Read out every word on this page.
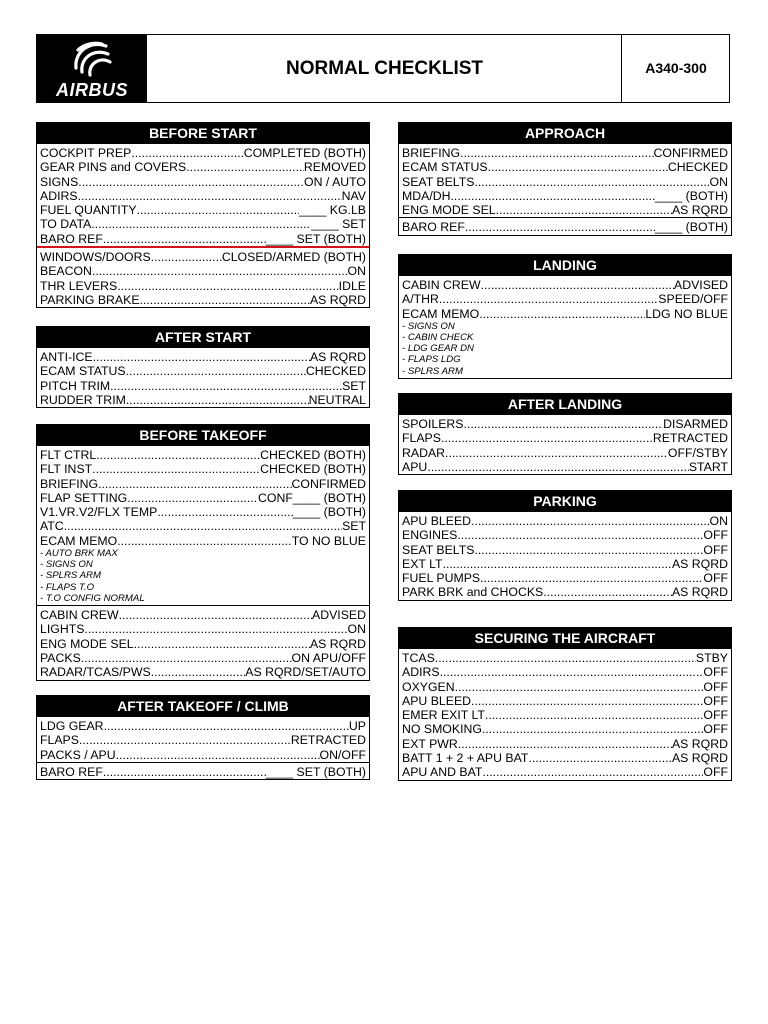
AIRBUS
NORMAL CHECKLIST	A340-300
BEFORE START
COCKPIT PREP .....	COMPLETED (BOTH)
GEAR PINS and COVERS .....	REMOVED
SIGNS .....	ON / AUTO
ADIRS .....	NAV
FUEL QUANTITY .....	____ KG.LB
TO DATA .....	____ SET
BARO REF .....	____ SET (BOTH)
WINDOWS/DOORS .....	CLOSED/ARMED (BOTH)
BEACON .....	ON
THR LEVERS .....	IDLE
PARKING BRAKE .....	AS RQRD
AFTER START
ANTI-ICE .....	AS RQRD
ECAM STATUS .....	CHECKED
PITCH TRIM .....	SET
RUDDER TRIM .....	NEUTRAL
BEFORE TAKEOFF
FLT CTRL .....	CHECKED (BOTH)
FLT INST .....	CHECKED (BOTH)
BRIEFING .....	CONFIRMED
FLAP SETTING .....	CONF____ (BOTH)
V1.VR.V2/FLX TEMP .....	____ (BOTH)
ATC .....	SET
ECAM MEMO .....	TO NO BLUE
- AUTO BRK MAX
- SIGNS ON
- SPLRS ARM
- FLAPS T.O
- T.O CONFIG NORMAL
CABIN CREW .....	ADVISED
LIGHTS .....	ON
ENG MODE SEL .....	AS RQRD
PACKS .....	ON APU/OFF
RADAR/TCAS/PWS .....	AS RQRD/SET/AUTO
AFTER TAKEOFF / CLIMB
LDG GEAR .....	UP
FLAPS .....	RETRACTED
PACKS / APU .....	ON/OFF
BARO REF .....	____ SET (BOTH)
APPROACH
BRIEFING .....	CONFIRMED
ECAM STATUS .....	CHECKED
SEAT BELTS .....	ON
MDA/DH .....	____ (BOTH)
ENG MODE SEL .....	AS RQRD
BARO REF .....	____ (BOTH)
LANDING
CABIN CREW .....	ADVISED
A/THR .....	SPEED/OFF
ECAM MEMO .....	LDG NO BLUE
- SIGNS ON
- CABIN CHECK
- LDG GEAR DN
- FLAPS LDG
- SPLRS ARM
AFTER LANDING
SPOILERS .....	DISARMED
FLAPS .....	RETRACTED
RADAR .....	OFF/STBY
APU .....	START
PARKING
APU BLEED .....	ON
ENGINES .....	OFF
SEAT BELTS .....	OFF
EXT LT .....	AS RQRD
FUEL PUMPS .....	OFF
PARK BRK and CHOCKS .....	AS RQRD
SECURING THE AIRCRAFT
TCAS .....	STBY
ADIRS .....	OFF
OXYGEN .....	OFF
APU BLEED .....	OFF
EMER EXIT LT .....	OFF
NO SMOKING .....	OFF
EXT PWR .....	AS RQRD
BATT 1 + 2 + APU BAT .....	AS RQRD
APU AND BAT .....	OFF
